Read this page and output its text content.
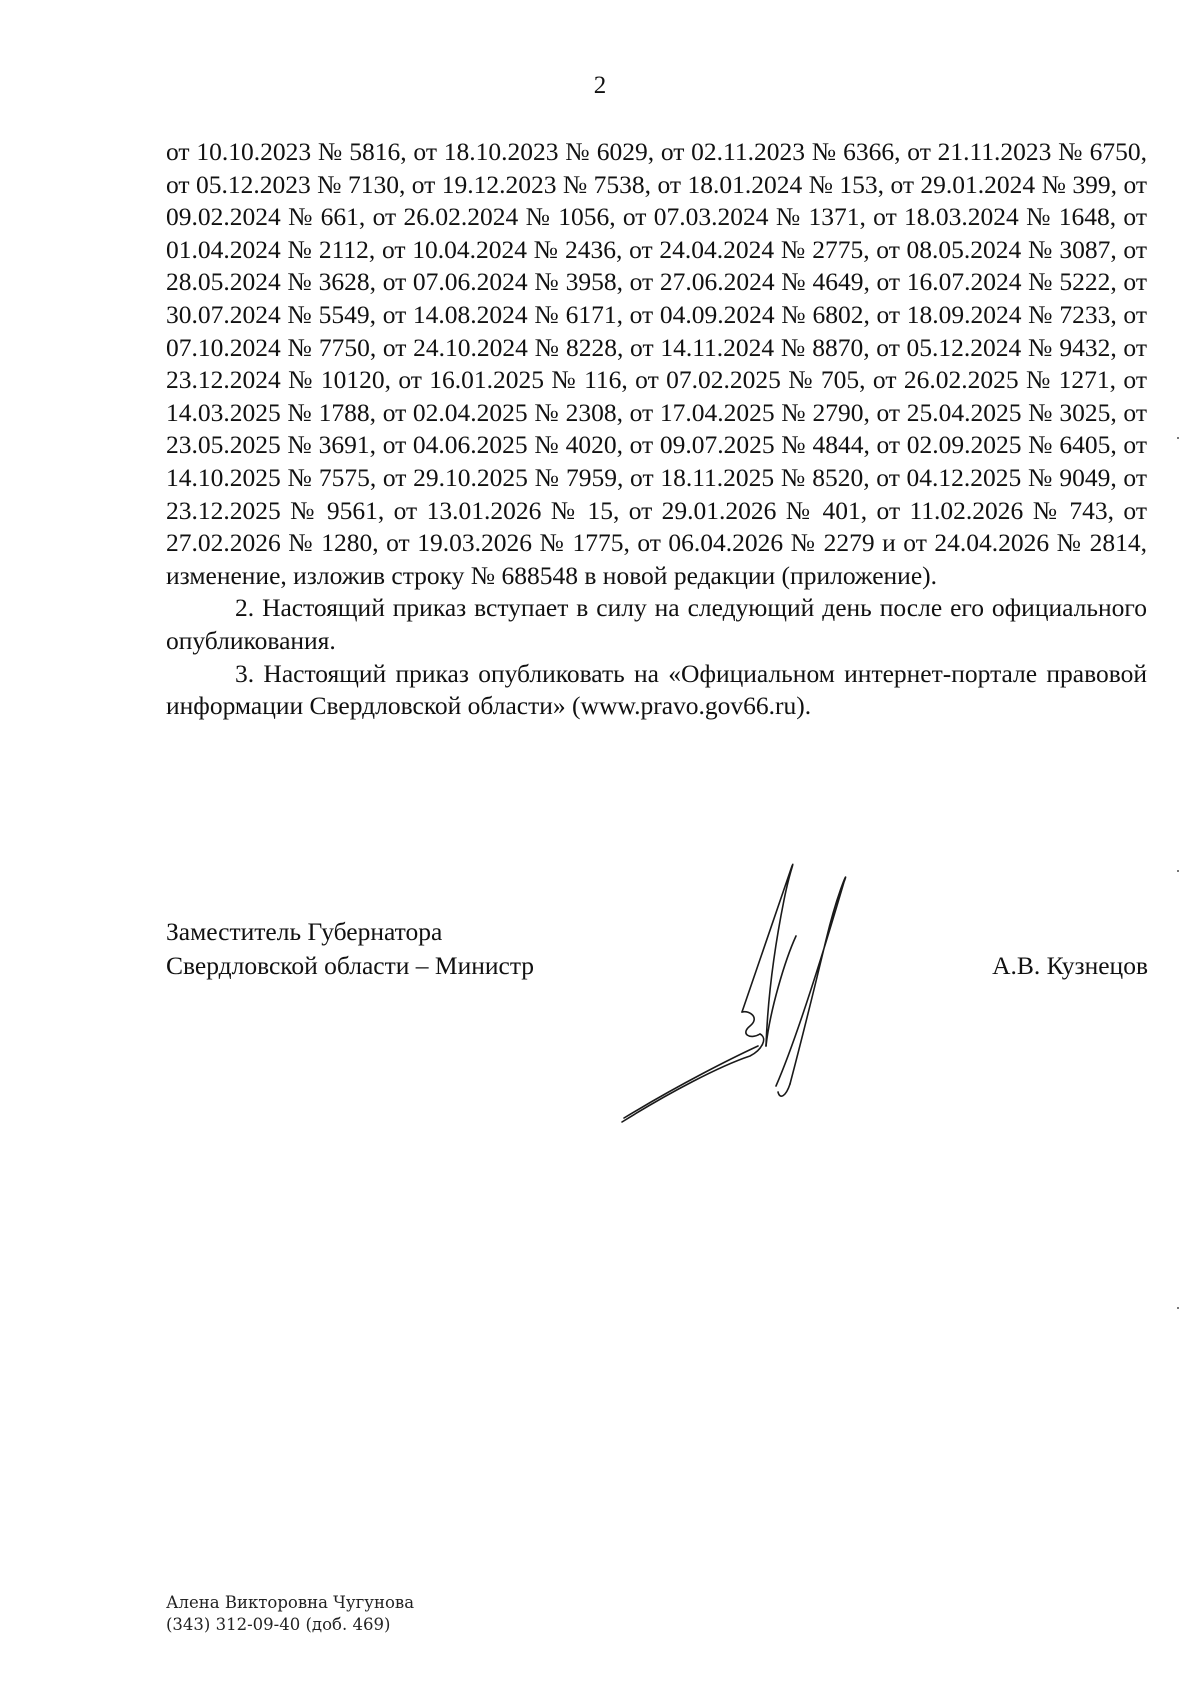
2

от 10.10.2023 № 5816, от 18.10.2023 № 6029, от 02.11.2023 № 6366, от 21.11.2023 № 6750, от 05.12.2023 № 7130, от 19.12.2023 № 7538, от 18.01.2024 № 153, от 29.01.2024 № 399, от 09.02.2024 № 661, от 26.02.2024 № 1056, от 07.03.2024 № 1371, от 18.03.2024 № 1648, от 01.04.2024 № 2112, от 10.04.2024 № 2436, от 24.04.2024 № 2775, от 08.05.2024 № 3087, от 28.05.2024 № 3628, от 07.06.2024 № 3958, от 27.06.2024 № 4649, от 16.07.2024 № 5222, от 30.07.2024 № 5549, от 14.08.2024 № 6171, от 04.09.2024 № 6802, от 18.09.2024 № 7233, от 07.10.2024 № 7750, от 24.10.2024 № 8228, от 14.11.2024 № 8870, от 05.12.2024 № 9432, от 23.12.2024 № 10120, от 16.01.2025 № 116, от 07.02.2025 № 705, от 26.02.2025 № 1271, от 14.03.2025 № 1788, от 02.04.2025 № 2308, от 17.04.2025 № 2790, от 25.04.2025 № 3025, от 23.05.2025 № 3691, от 04.06.2025 № 4020, от 09.07.2025 № 4844, от 02.09.2025 № 6405, от 14.10.2025 № 7575, от 29.10.2025 № 7959, от 18.11.2025 № 8520, от 04.12.2025 № 9049, от 23.12.2025 № 9561, от 13.01.2026 № 15, от 29.01.2026 № 401, от 11.02.2026 № 743, от 27.02.2026 № 1280, от 19.03.2026 № 1775, от 06.04.2026 № 2279 и от 24.04.2026 № 2814, изменение, изложив строку № 688548 в новой редакции (приложение).

2. Настоящий приказ вступает в силу на следующий день после его официального опубликования.

3. Настоящий приказ опубликовать на «Официальном интернет-портале правовой информации Свердловской области» (www.pravo.gov66.ru).

Заместитель Губернатора
Свердловской области – Министр	А.В. Кузнецов
Алена Викторовна Чугунова
(343) 312-09-40 (доб. 469)
